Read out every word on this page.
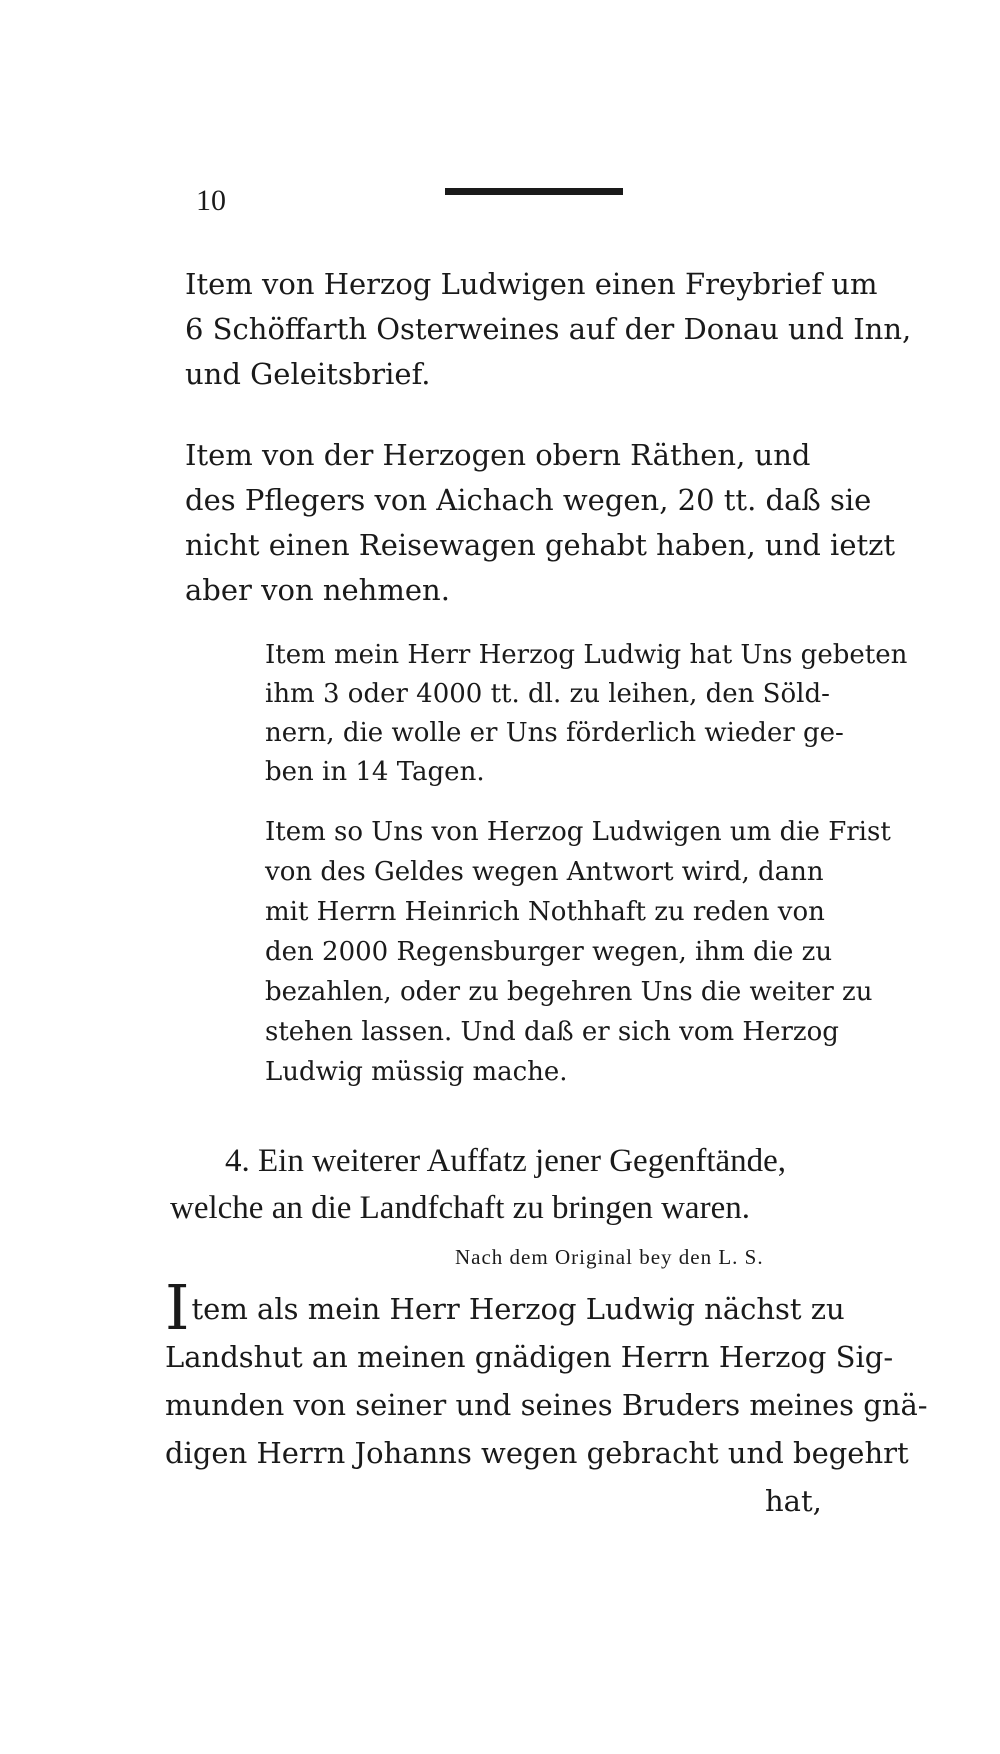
10
Item von Herzog Ludwigen einen Freybrief um
6 Schöffarth Osterweines auf der Donau und Inn,
und Geleitsbrief.
Item von der Herzogen obern Räthen, und
des Pflegers von Aichach wegen, 20 tt. daß sie
nicht einen Reisewagen gehabt haben, und ietzt
aber von nehmen.
Item mein Herr Herzog Ludwig hat Uns gebeten
ihm 3 oder 4000 tt. dl. zu leihen, den Söld-
nern, die wolle er Uns förderlich wieder ge-
ben in 14 Tagen.
Item so Uns von Herzog Ludwigen um die Frist
von des Geldes wegen Antwort wird, dann
mit Herrn Heinrich Nothhaft zu reden von
den 2000 Regensburger wegen, ihm die zu
bezahlen, oder zu begehren Uns die weiter zu
stehen lassen. Und daß er sich vom Herzog
Ludwig müssig mache.
4. Ein weiterer Auffatz jener Gegenftände,
welche an die Landfchaft zu bringen waren.
Nach dem Original bey den L. S.
Item als mein Herr Herzog Ludwig nächst zu
Landshut an meinen gnädigen Herrn Herzog Sig-
munden von seiner und seines Bruders meines gnä-
digen Herrn Johanns wegen gebracht und begehrt
hat,
